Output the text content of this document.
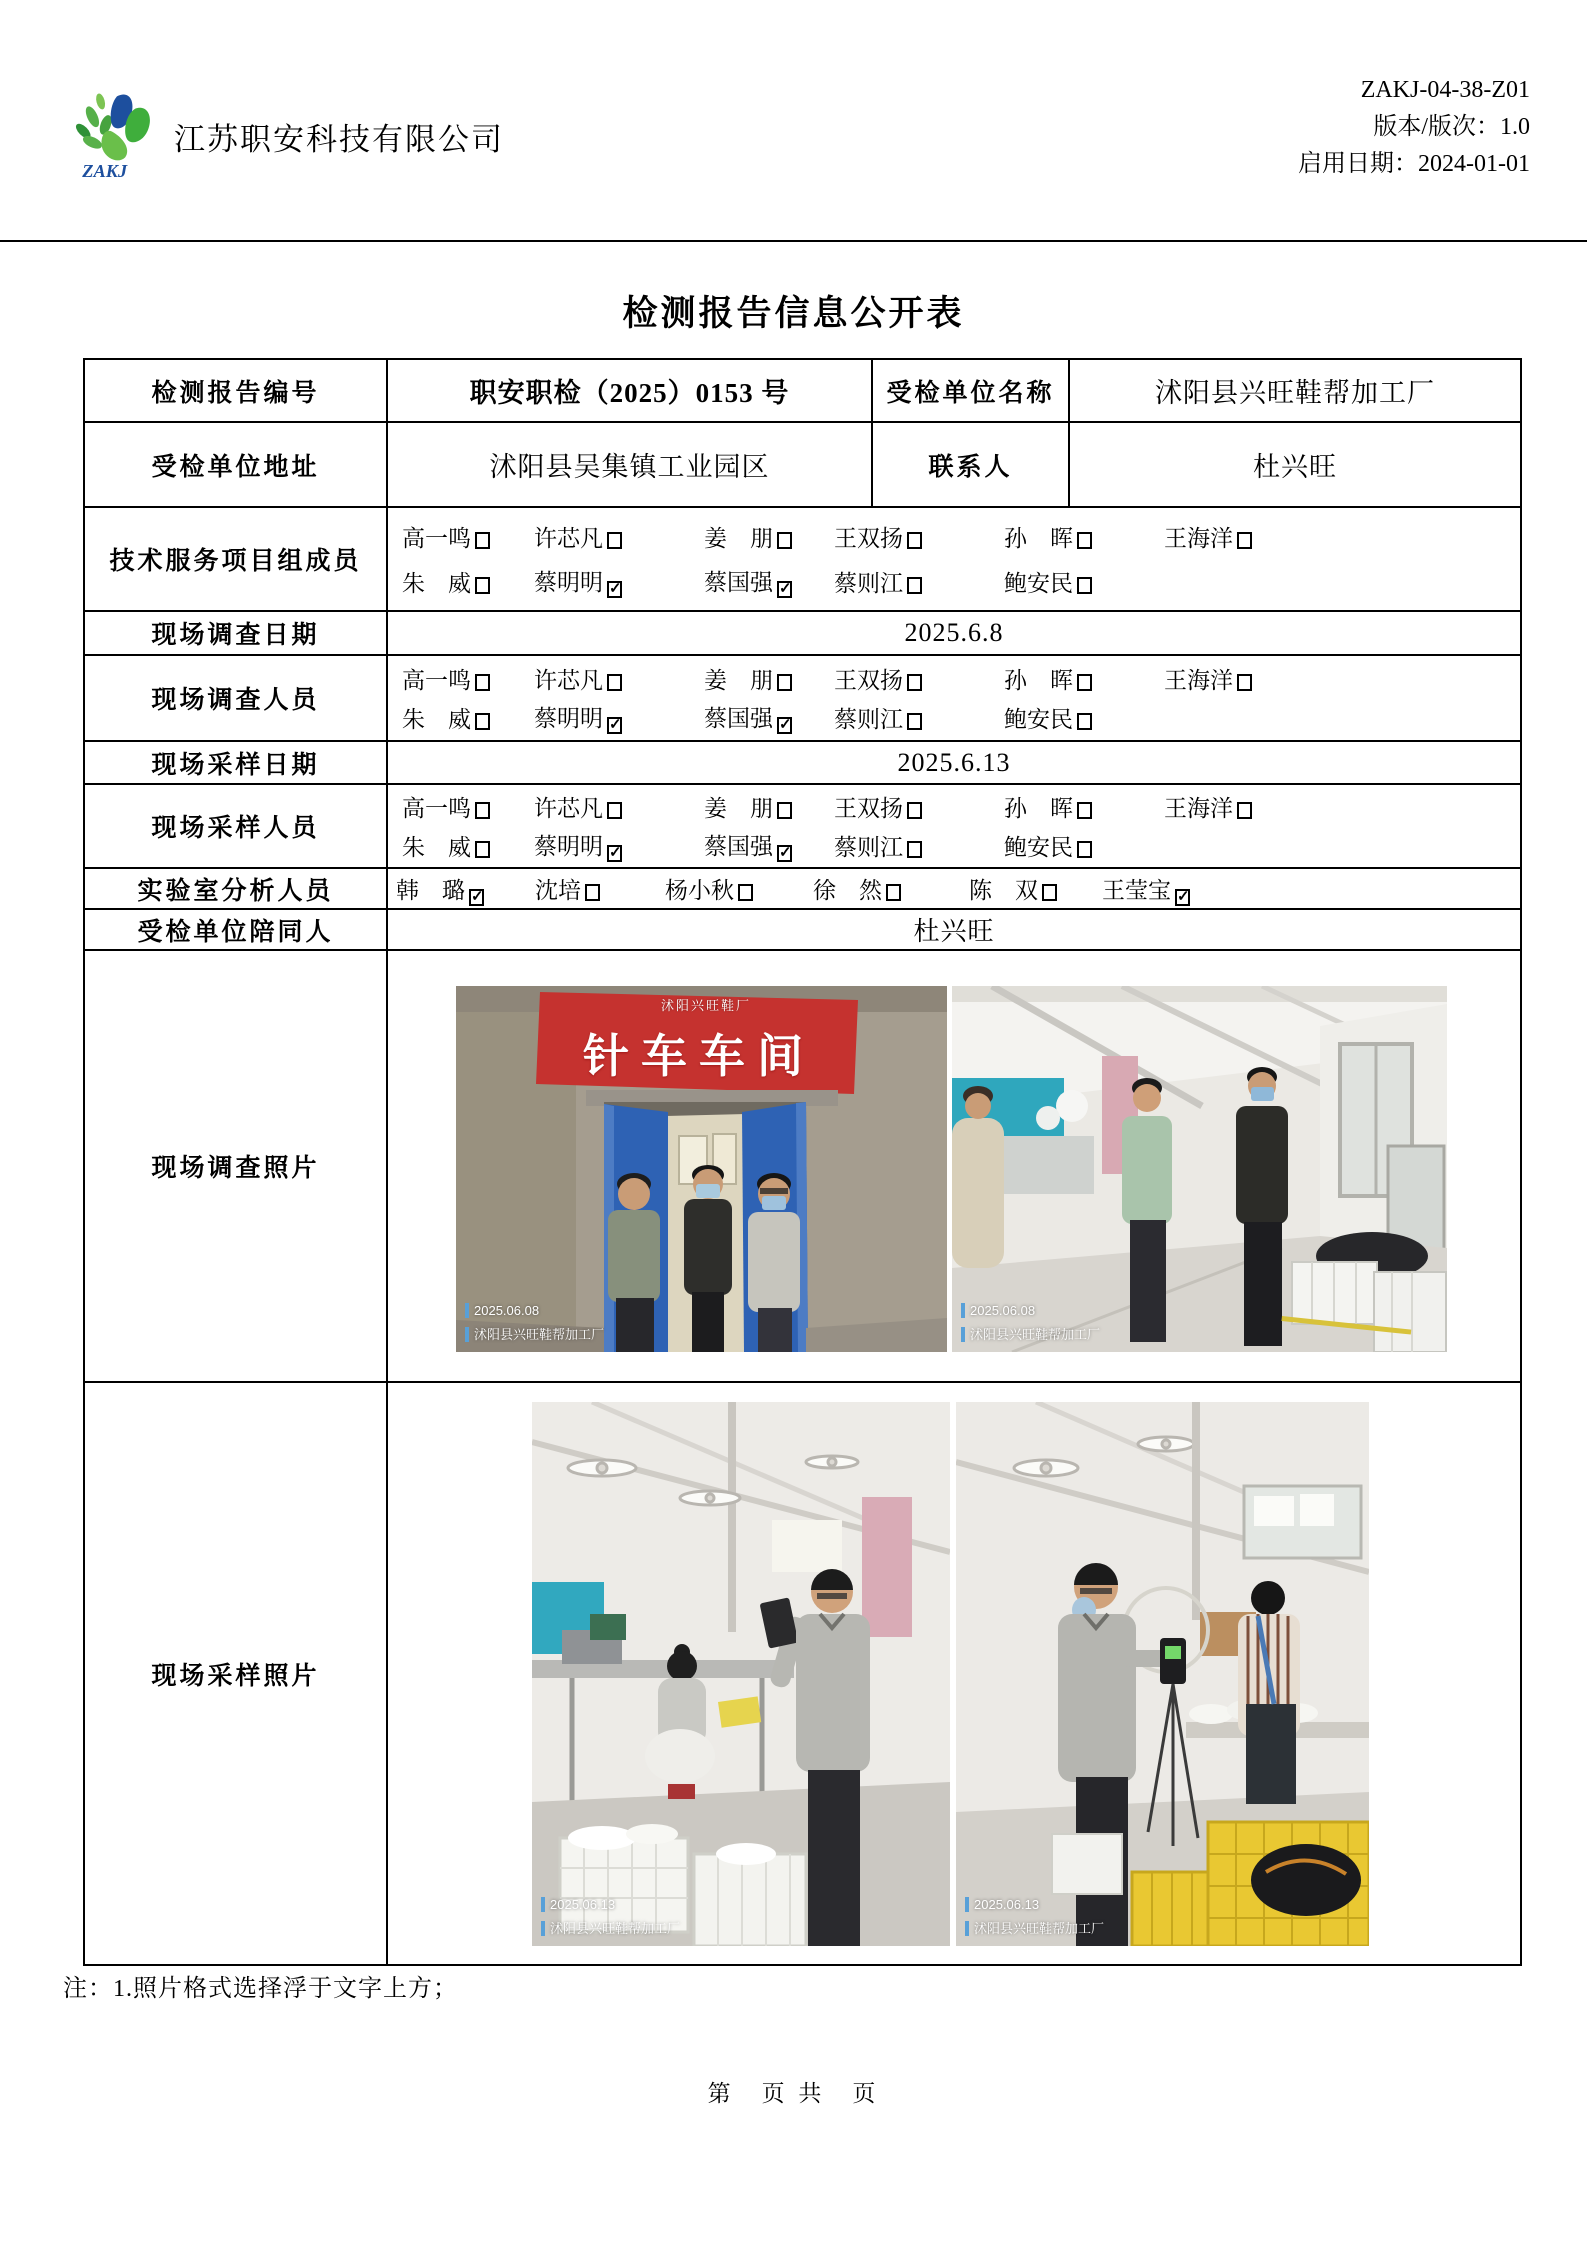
ZAKJ
江苏职安科技有限公司
ZAKJ-04-38-Z01
版本/版次：1.0
启用日期：2024-01-01
检测报告信息公开表
检测报告编号	职安职检（2025）0153 号	受检单位名称	沭阳县兴旺鞋帮加工厂
受检单位地址	沭阳县吴集镇工业园区	联系人	杜兴旺
技术服务项目组成员
高一鸣	许芯凡	姜　朋	王双扬	孙　晖	王海洋
朱　威	蔡明明 ✓	蔡国强 ✓	蔡则江	鲍安民
现场调查日期	2025.6.8
现场调查人员
高一鸣	许芯凡	姜　朋	王双扬	孙　晖	王海洋
朱　威	蔡明明 ✓	蔡国强 ✓	蔡则江	鲍安民
现场采样日期	2025.6.13
现场采样人员
高一鸣	许芯凡	姜　朋	王双扬	孙　晖	王海洋
朱　威	蔡明明 ✓	蔡国强 ✓	蔡则江	鲍安民
实验室分析人员	韩　璐 ✓	沈培	杨小秋	徐　然	陈　双	王莹宝 ✓
受检单位陪同人	杜兴旺
现场调查照片
沭阳兴旺鞋厂
针车车间
2025.06.08
沭阳县兴旺鞋帮加工厂
2025.06.08
沭阳县兴旺鞋帮加工厂
现场采样照片
2025.06.13
沭阳县兴旺鞋帮加工厂
2025.06.13
沭阳县兴旺鞋帮加工厂
注：1.照片格式选择浮于文字上方；
第　页 共　页
